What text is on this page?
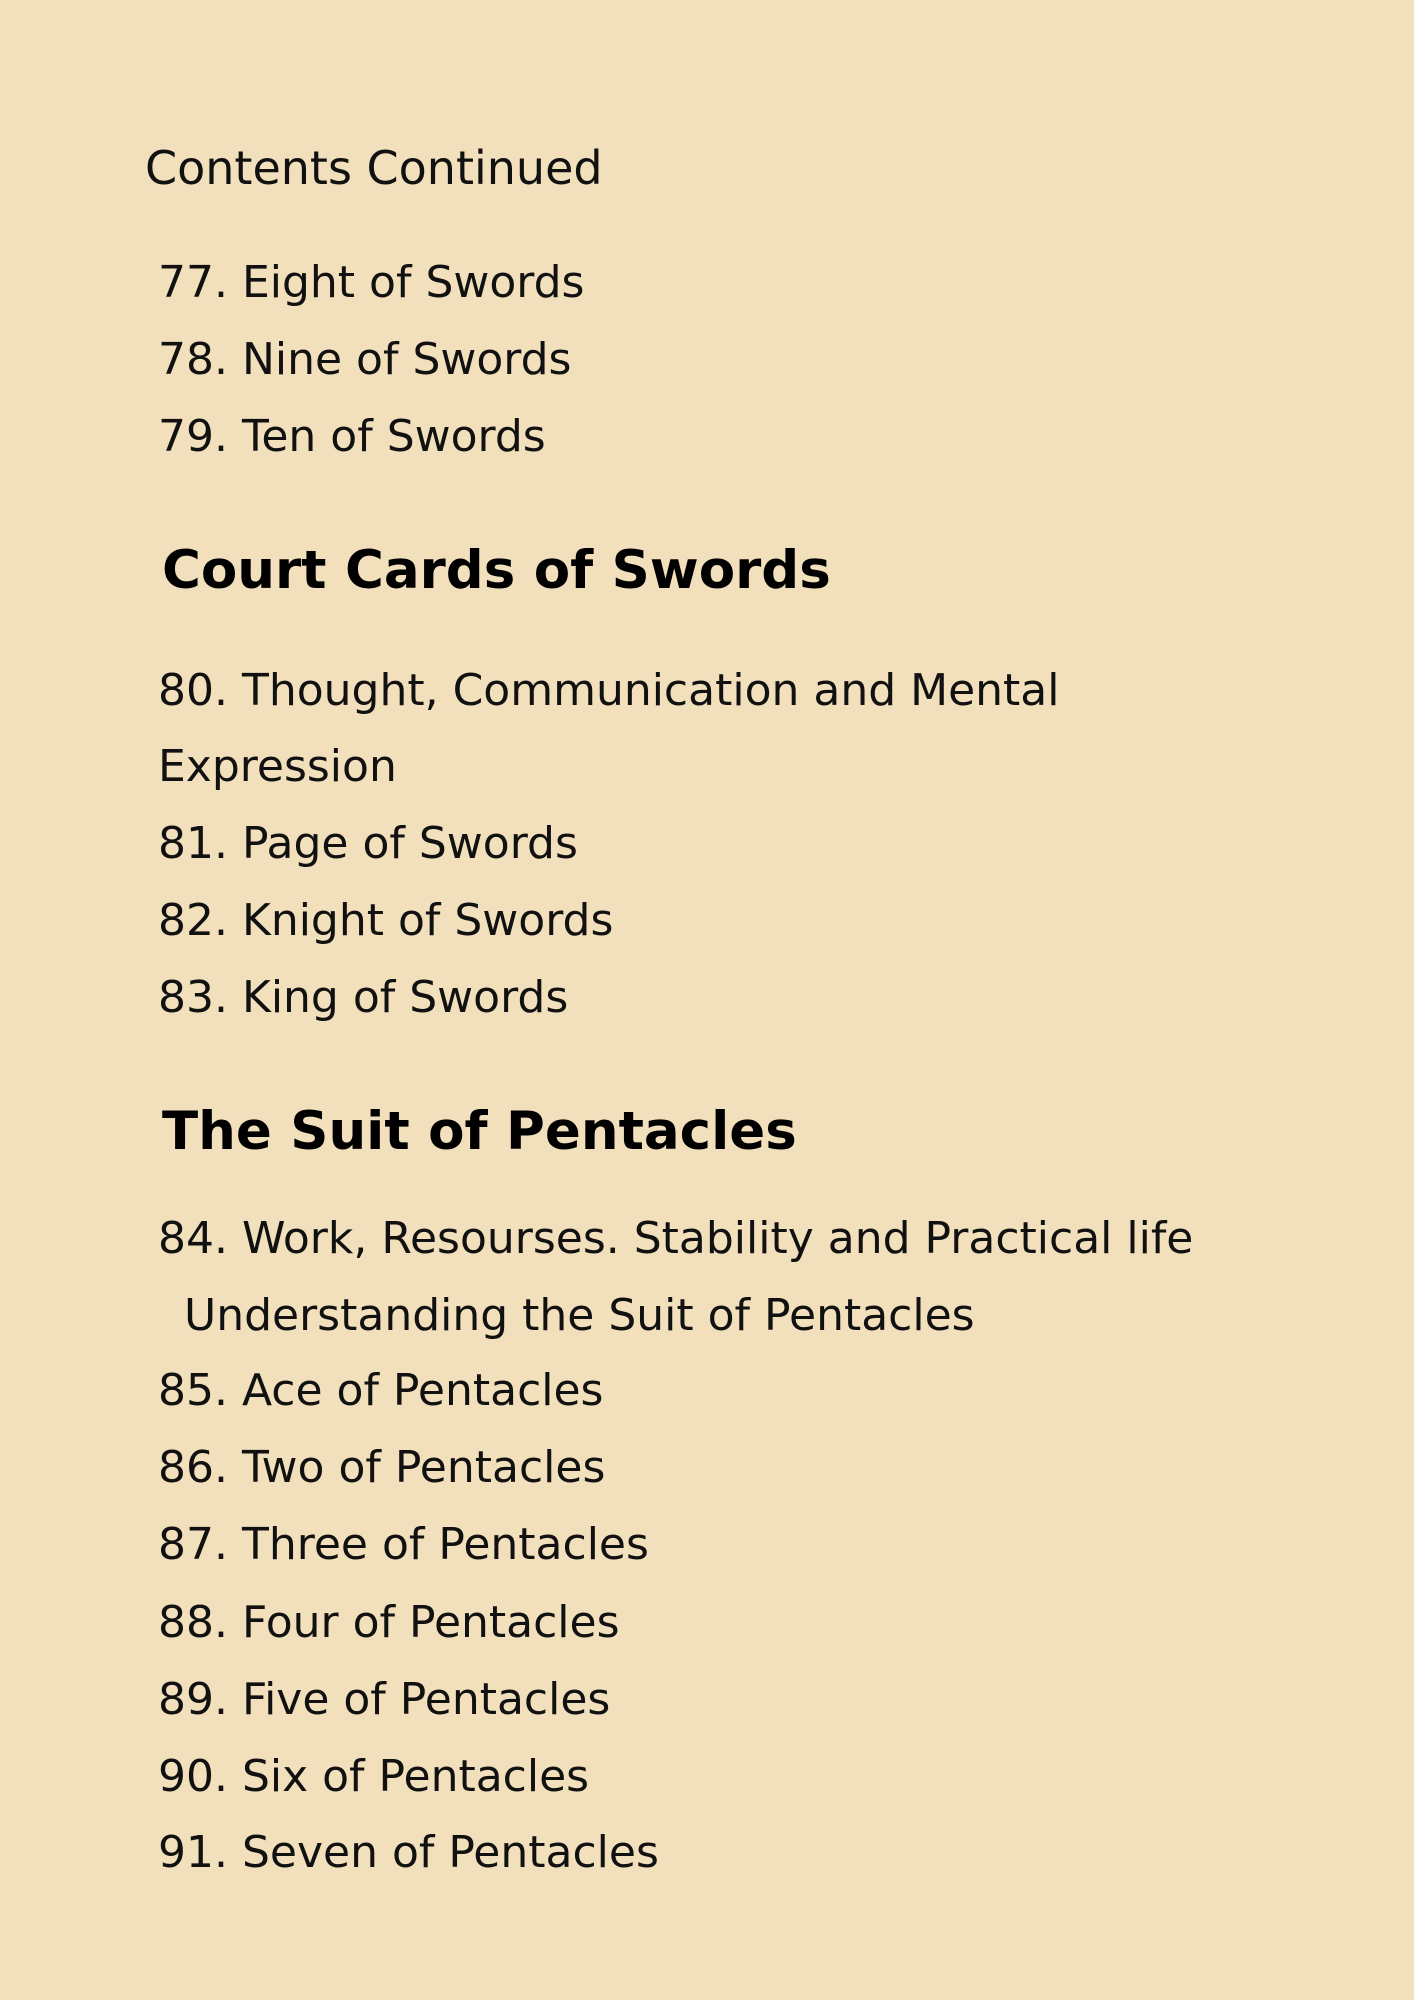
Contents Continued
77. Eight of Swords
78. Nine of Swords
79. Ten of Swords
Court Cards of Swords
80. Thought, Communication and Mental
Expression
81. Page of Swords
82. Knight of Swords
83. King of Swords
The Suit of Pentacles
84. Work, Resourses. Stability and Practical life
Understanding the Suit of Pentacles
85. Ace of Pentacles
86. Two of Pentacles
87. Three of Pentacles
88. Four of Pentacles
89. Five of Pentacles
90. Six of Pentacles
91. Seven of Pentacles
